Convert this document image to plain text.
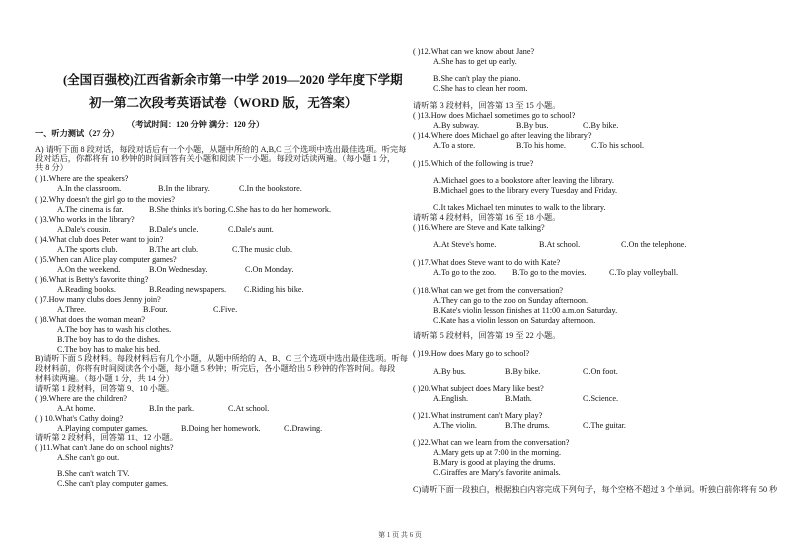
(全国百强校)江西省新余市第一中学 2019—2020 学年度下学期
初一第二次段考英语试卷（WORD 版，无答案）
（考试时间：120 分钟 满分：120 分）
一、听力测试（27 分）
A) 请听下面 8 段对话，每段对话后有一个小题，从题中所给的 A,B,C 三个选项中选出最佳选项。听完每
段对话后，你都将有 10 秒钟的时间回答有关小题和阅读下一小题。每段对话读两遍。（每小题 1 分，
共 8 分）
( )1.Where are the speakers?
A.In the classroom.	B.In the library.	C.In the bookstore.
( )2.Why doesn't the girl go to the movies?
A.The cinema is far.	B.She thinks it's boring. C.She has to do her homework.
( )3.Who works in the library?
A.Dale's cousin.	B.Dale's uncle.	C.Dale's aunt.
( )4.What club does Peter want to join?
A.The sports club.	B.The art club.	C.The music club.
( )5.When can Alice play computer games?
A.On the weekend.	B.On Wednesday.	C.On Monday.
( )6.What is Betty's favorite thing?
A.Reading books.	B.Reading newspapers. C.Riding his bike.
( )7.How many clubs does Jenny join?
A.Three.	B.Four.	C.Five.
( )8.What does the woman mean?
A.The boy has to wash his clothes.
B.The boy has to do the dishes.
C.The boy has to make his bed.
B)请听下面 5 段材料。每段材料后有几个小题，从题中所给的 A、B、C 三个选项中选出最佳选项。听每
段材料前，你将有时间阅读各个小题，每小题 5 秒钟；听完后，各小题给出 5 秒钟的作答时间。每段
材料读两遍。（每小题 1 分，共 14 分）
请听第 1 段材料，回答第 9、10 小题。
( )9.Where are the children?
A.At home.	B.In the park.	C.At school.
( ) 10.What's Cathy doing?
A.Playing computer games.	B.Doing her homework.	C.Drawing.
请听第 2 段材料，回答第 11、12 小题。
( )11.What can't Jane do on school nights?
A.She can't go out.
B.She can't watch TV.
C.She can't play computer games.
( )12.What can we know about Jane?
A.She has to get up early.
B.She can't play the piano.
C.She has to clean her room.
请听第 3 段材料，回答第 13 至 15 小题。
( )13.How does Michael sometimes go to school?
A.By subway.	B.By bus.	C.By bike.
( )14.Where does Michael go after leaving the library?
A.To a store.	B.To his home.	C.To his school.
( )15.Which of the following is true?
A.Michael goes to a bookstore after leaving the library.
B.Michael goes to the library every Tuesday and Friday.
C.It takes Michael ten minutes to walk to the library.
请听第 4 段材料，回答第 16 至 18 小题。
( )16.Where are Steve and Kate talking?
A.At Steve's home.	B.At school.	C.On the telephone.
( )17.What does Steve want to do with Kate?
A.To go to the zoo. B.To go to the movies.	C.To play volleyball.
( )18.What can we get from the conversation?
A.They can go to the zoo on Sunday afternoon.
B.Kate's violin lesson finishes at 11:00 a.m.on Saturday.
C.Kate has a violin lesson on Saturday afternoon.
请听第 5 段材料，回答第 19 至 22 小题。
( )19.How does Mary go to school?
A.By bus.	B.By bike.	C.On foot.
( )20.What subject does Mary like best?
A.English.	B.Math.	C.Science.
( )21.What instrument can't Mary play?
A.The violin.	B.The drums.	C.The guitar.
( )22.What can we learn from the conversation?
A.Mary gets up at 7:00 in the morning.
B.Mary is good at playing the drums.
C.Giraffes are Mary's favorite animals.
C)请听下面一段独白，根据独白内容完成下列句子，每个空格不超过 3 个单词。听独白前你将有 50 秒
第 1 页 共 6 页
